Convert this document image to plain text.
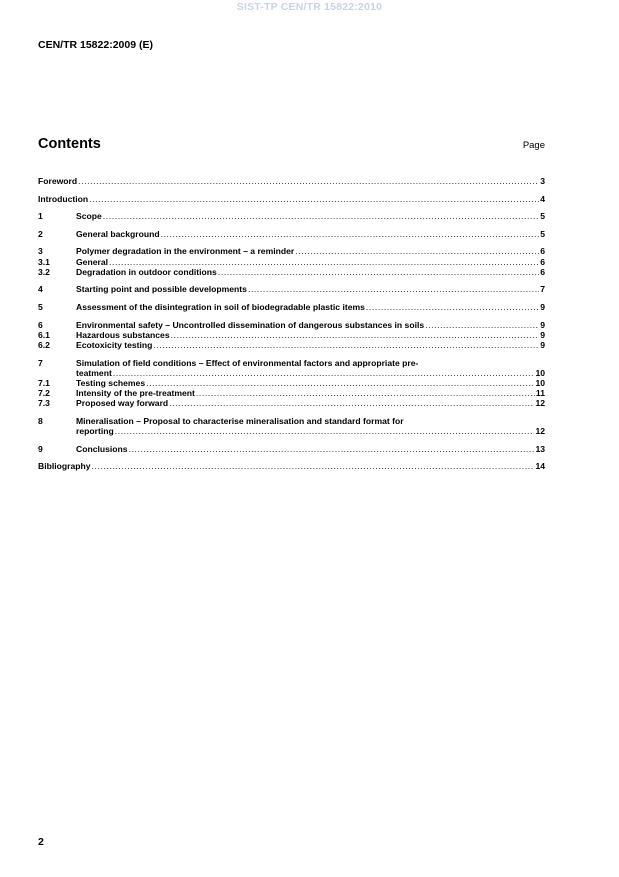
SIST-TP CEN/TR 15822:2010
CEN/TR 15822:2009 (E)
Contents	Page
Foreword .....	3
Introduction .....	4
1	Scope .....	5
2	General background .....	5
3	Polymer degradation in the environment – a reminder .....	6
3.1	General .....	6
3.2	Degradation in outdoor conditions .....	6
4	Starting point and possible developments .....	7
5	Assessment of the disintegration in soil of biodegradable plastic items .....	9
6	Environmental safety – Uncontrolled dissemination of dangerous substances in soils .....	9
6.1	Hazardous substances .....	9
6.2	Ecotoxicity testing .....	9
7	Simulation of field conditions – Effect of environmental factors and appropriate pre-
teatment .....	10
7.1	Testing schemes .....	10
7.2	Intensity of the pre-treatment .....	11
7.3	Proposed way forward .....	12
8	Mineralisation – Proposal to characterise mineralisation and standard format for
reporting .....	12
9	Conclusions .....	13
Bibliography .....	14
2
